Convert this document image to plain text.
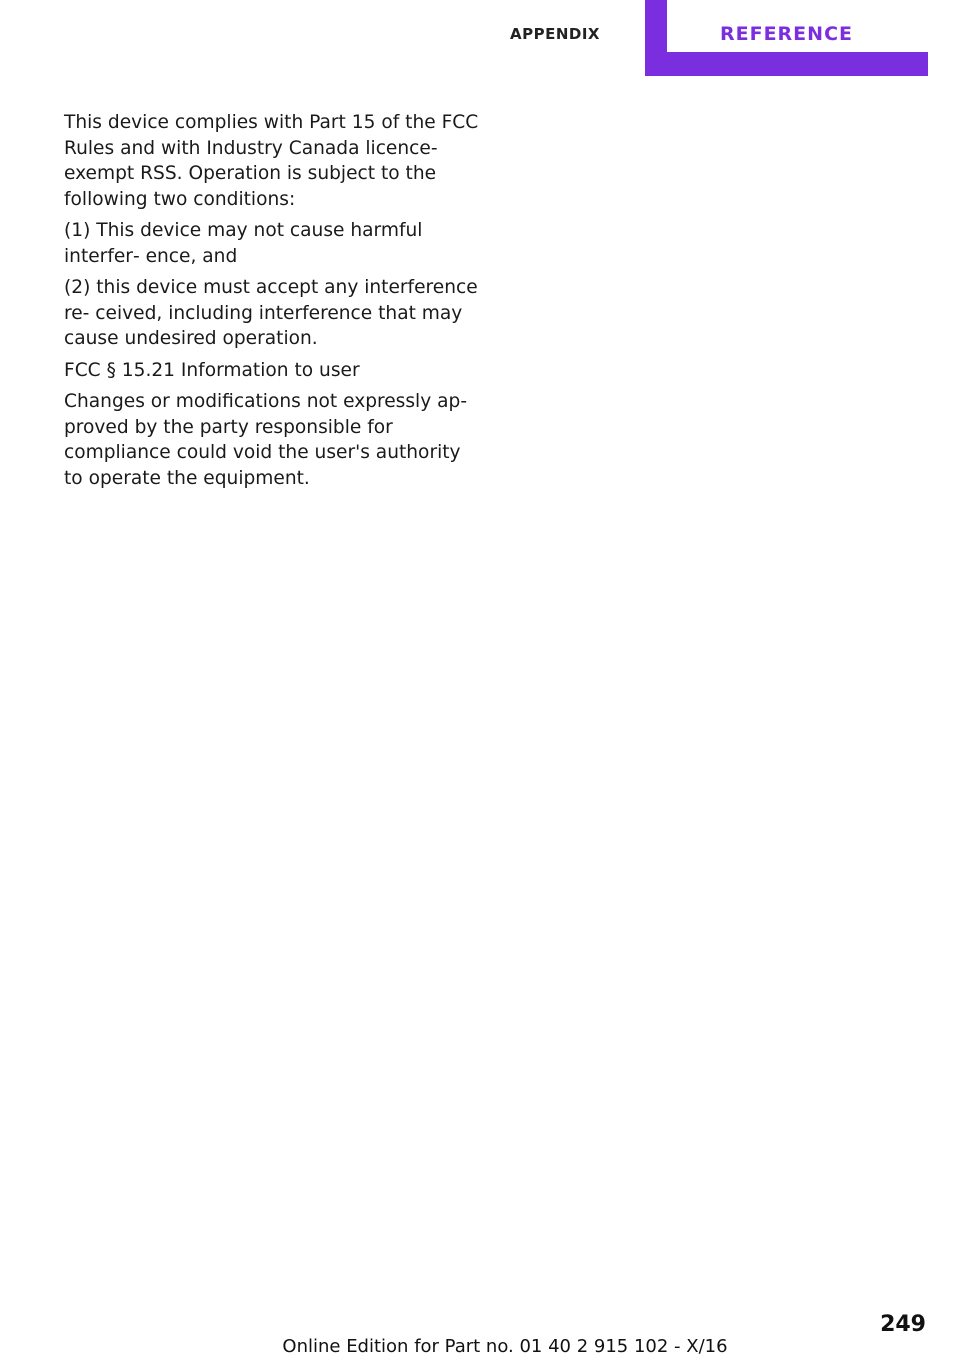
APPENDIX	REFERENCE

This device complies with Part 15 of the FCC Rules and with Industry Canada licence-exempt RSS. Operation is subject to the following two conditions:

(1) This device may not cause harmful interfer‐ ence, and

(2) this device must accept any interference re‐ ceived, including interference that may cause undesired operation.

FCC § 15.21 Information to user

Changes or modifications not expressly ap‐ proved by the party responsible for compliance could void the user's authority to operate the equipment.

249
Online Edition for Part no. 01 40 2 915 102 - X/16
